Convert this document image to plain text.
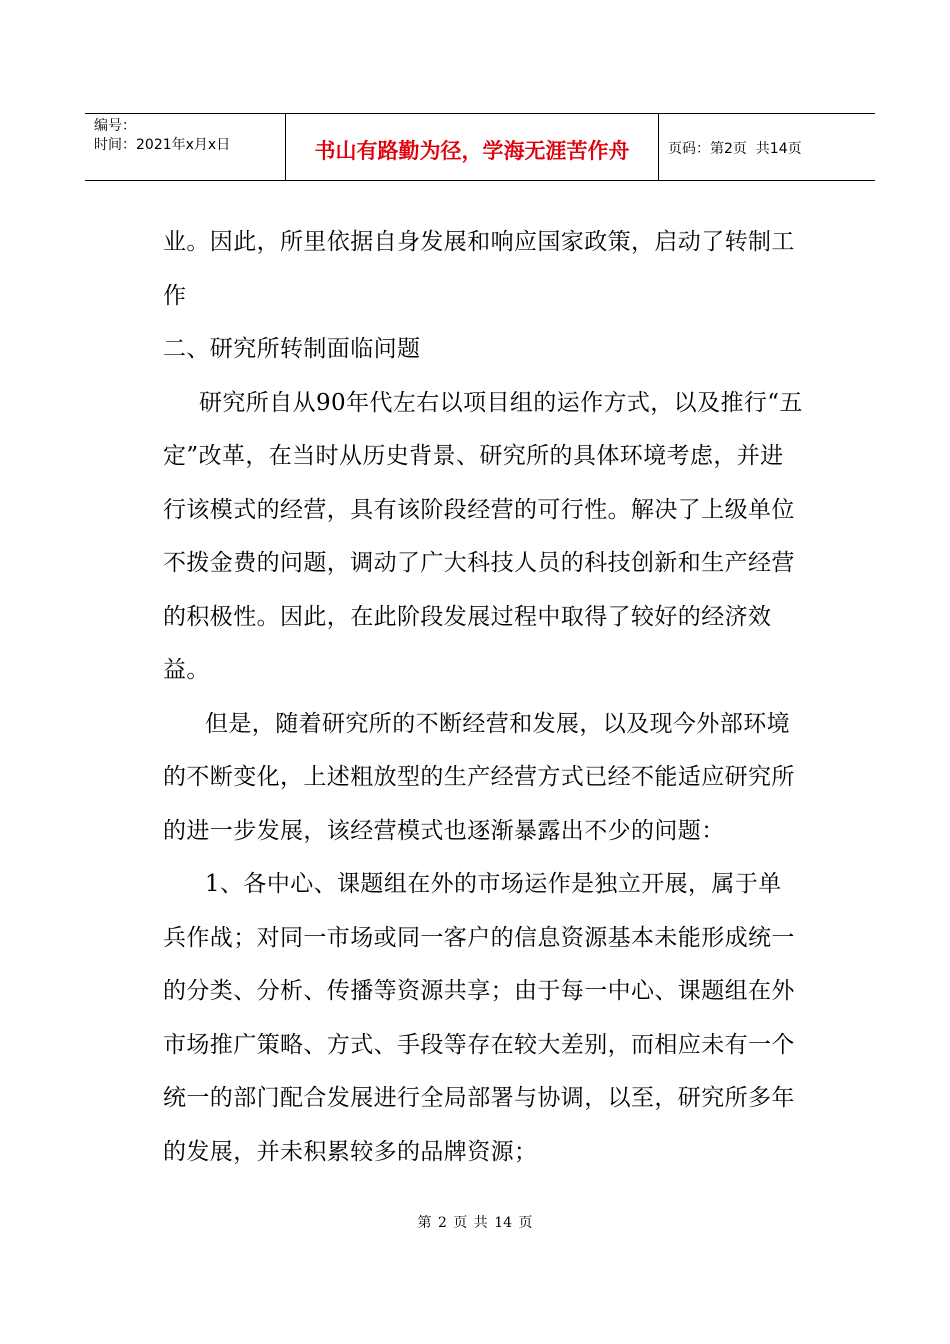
编号：
时间：2021年x月x日	书山有路勤为径，学海无涯苦作舟	页码：第2页  共14页

业。因此，所里依据自身发展和响应国家政策，启动了转制工作

二、研究所转制面临问题

研究所自从90年代左右以项目组的运作方式，以及推行“五定”改革，在当时从历史背景、研究所的具体环境考虑，并进行该模式的经营，具有该阶段经营的可行性。解决了上级单位不拨金费的问题，调动了广大科技人员的科技创新和生产经营的积极性。因此，在此阶段发展过程中取得了较好的经济效益。

但是，随着研究所的不断经营和发展，以及现今外部环境的不断变化，上述粗放型的生产经营方式已经不能适应研究所的进一步发展，该经营模式也逐渐暴露出不少的问题：

1、各中心、课题组在外的市场运作是独立开展，属于单兵作战；对同一市场或同一客户的信息资源基本未能形成统一的分类、分析、传播等资源共享；由于每一中心、课题组在外市场推广策略、方式、手段等存在较大差别，而相应未有一个统一的部门配合发展进行全局部署与协调，以至，研究所多年的发展，并未积累较多的品牌资源；

第 2 页 共 14 页
